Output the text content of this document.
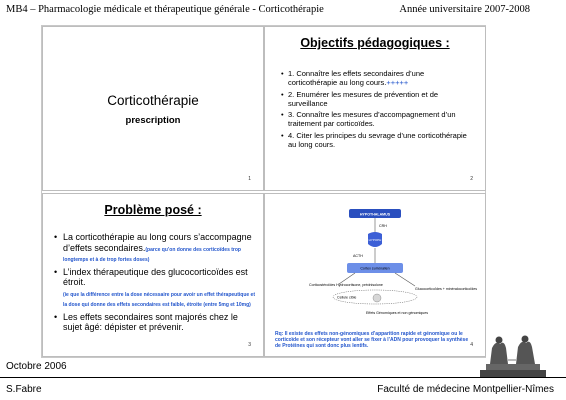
MB4 – Pharmacologie médicale et thérapeutique générale - Corticothérapie	Année universitaire 2007-2008
Corticothérapie
prescription
1
Objectifs pédagogiques :
• 1. Connaître les effets secondaires d’une corticothérapie au long cours.+++++
• 2. Enumérer les mesures de prévention et de surveillance
• 3. Connaître les mesures d’accompagnement d’un traitement par corticoïdes.
• 4. Citer les principes du sevrage d’une corticothérapie au long cours.
2
Problème posé :
• La corticothérapie au long cours s’accompagne d’effets secondaires.(parce qu’on donne des corticoïdes trop longtemps et à de trop fortes doses)
• L’index thérapeutique des glucocorticoïdes est étroit.
(ie que la différence entre la dose nécessaire pour avoir un effet thérapeutique et la dose qui donne des effets secondaires est faible, étroite (entre 5mg et 10mg)
• Les effets secondaires sont majorés chez le sujet âgé: dépister et prévenir.
3
HYPOTHALAMUS
CRH
HYPOPH
ACTH
Cortex surrénalien
Corticostéroïdes Hydrocortisone, prédnisolone
Glucocorticoïdes + minéralocorticoïdes
Cellule cible
Effets Génomiques et non génomiques
Rq: Il existe des effets non-génomiques d’apparition rapide et génomique ou le corticoïde et son récepteur vont aller se fixer à l’ADN pour provoquer la synthèse de Protéines qui sont donc plus lentifs.	4
Octobre 2006
S.Fabre	Faculté de médecine Montpellier-Nîmes
